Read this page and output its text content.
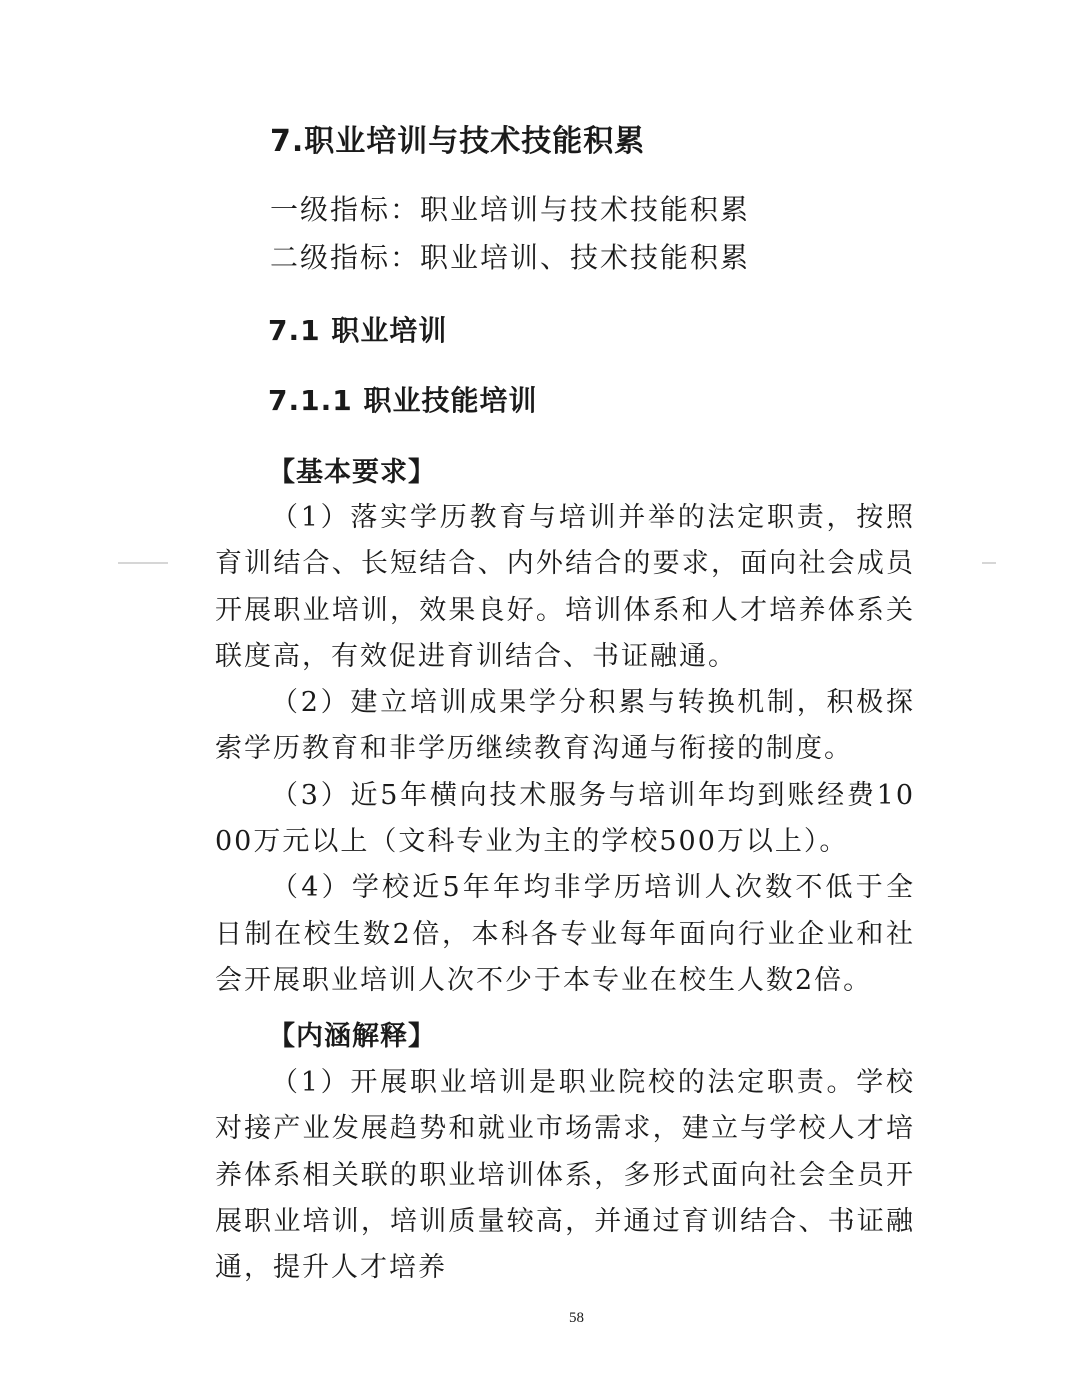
7.职业培训与技术技能积累
一级指标：职业培训与技术技能积累
二级指标：职业培训、技术技能积累
7.1 职业培训
7.1.1 职业技能培训
【基本要求】

（1）落实学历教育与培训并举的法定职责，按照育训结合、长短结合、内外结合的要求，面向社会成员开展职业培训，效果良好。培训体系和人才培养体系关联度高，有效促进育训结合、书证融通。

（2）建立培训成果学分积累与转换机制，积极探索学历教育和非学历继续教育沟通与衔接的制度。

（3）近5年横向技术服务与培训年均到账经费1000万元以上（文科专业为主的学校500万以上）。

（4）学校近5年年均非学历培训人次数不低于全日制在校生数2倍，本科各专业每年面向行业企业和社会开展职业培训人次不少于本专业在校生人数2倍。

【内涵解释】

（1）开展职业培训是职业院校的法定职责。学校对接产业发展趋势和就业市场需求，建立与学校人才培养体系相关联的职业培训体系，多形式面向社会全员开展职业培训，培训质量较高，并通过育训结合、书证融通，提升人才培养

58
